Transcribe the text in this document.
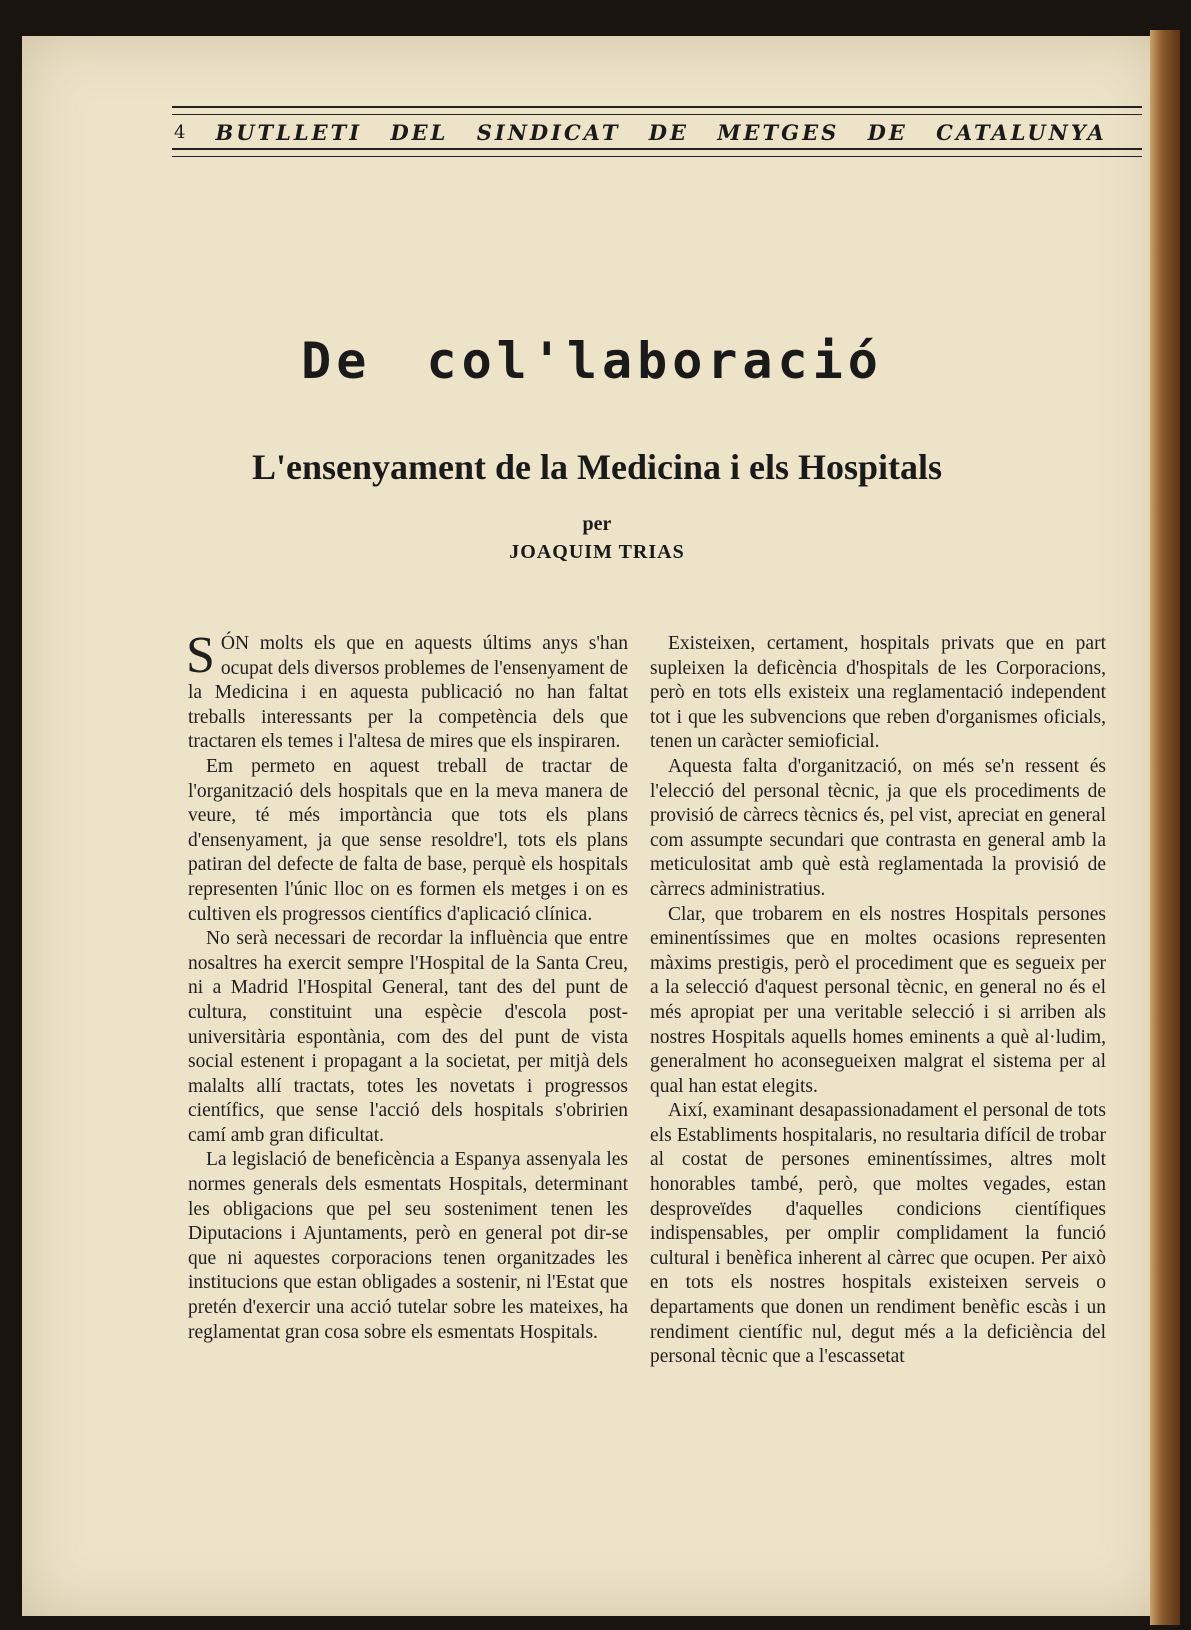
4 BUTLLETI DEL SINDICAT DE METGES DE CATALUNYA
De col'laboració
L'ensenyament de la Medicina i els Hospitals
per
JOAQUIM TRIAS

SÓN molts els que en aquests últims anys s'han ocupat dels diversos problemes de l'ensenyament de la Medicina i en aquesta publicació no han faltat treballs interessants per la competència dels que tractaren els temes i l'altesa de mires que els inspiraren.

Em permeto en aquest treball de tractar de l'organització dels hospitals que en la meva manera de veure, té més importància que tots els plans d'ensenyament, ja que sense resoldre'l, tots els plans patiran del defecte de falta de base, perquè els hospitals representen l'únic lloc on es formen els metges i on es cultiven els progressos científics d'aplicació clínica.

No serà necessari de recordar la influència que entre nosaltres ha exercit sempre l'Hospital de la Santa Creu, ni a Madrid l'Hospital General, tant des del punt de cultura, constituint una espècie d'escola post-universitària espontània, com des del punt de vista social estenent i propagant a la societat, per mitjà dels malalts allí tractats, totes les novetats i progressos científics, que sense l'acció dels hospitals s'obririen camí amb gran dificultat.

La legislació de beneficència a Espanya assenyala les normes generals dels esmentats Hospitals, determinant les obligacions que pel seu sosteniment tenen les Diputacions i Ajuntaments, però en general pot dir-se que ni aquestes corporacions tenen organitzades les institucions que estan obligades a sostenir, ni l'Estat que pretén d'exercir una acció tutelar sobre les mateixes, ha reglamentat gran cosa sobre els esmentats Hospitals.

Existeixen, certament, hospitals privats que en part supleixen la deficència d'hospitals de les Corporacions, però en tots ells existeix una reglamentació independent tot i que les subvencions que reben d'organismes oficials, tenen un caràcter semioficial.

Aquesta falta d'organització, on més se'n ressent és l'elecció del personal tècnic, ja que els procediments de provisió de càrrecs tècnics és, pel vist, apreciat en general com assumpte secundari que contrasta en general amb la meticulositat amb què està reglamentada la provisió de càrrecs administratius.

Clar, que trobarem en els nostres Hospitals persones eminentíssimes que en moltes ocasions representen màxims prestigis, però el procediment que es segueix per a la selecció d'aquest personal tècnic, en general no és el més apropiat per una veritable selecció i si arriben als nostres Hospitals aquells homes eminents a què al·ludim, generalment ho aconsegueixen malgrat el sistema per al qual han estat elegits.

Així, examinant desapassionadament el personal de tots els Establiments hospitalaris, no resultaria difícil de trobar al costat de persones eminentíssimes, altres molt honorables també, però, que moltes vegades, estan desproveïdes d'aquelles condicions científiques indispensables, per omplir complidament la funció cultural i benèfica inherent al càrrec que ocupen. Per això en tots els nostres hospitals existeixen serveis o departaments que donen un rendiment benèfic escàs i un rendiment científic nul, degut més a la deficiència del personal tècnic que a l'escassetat
